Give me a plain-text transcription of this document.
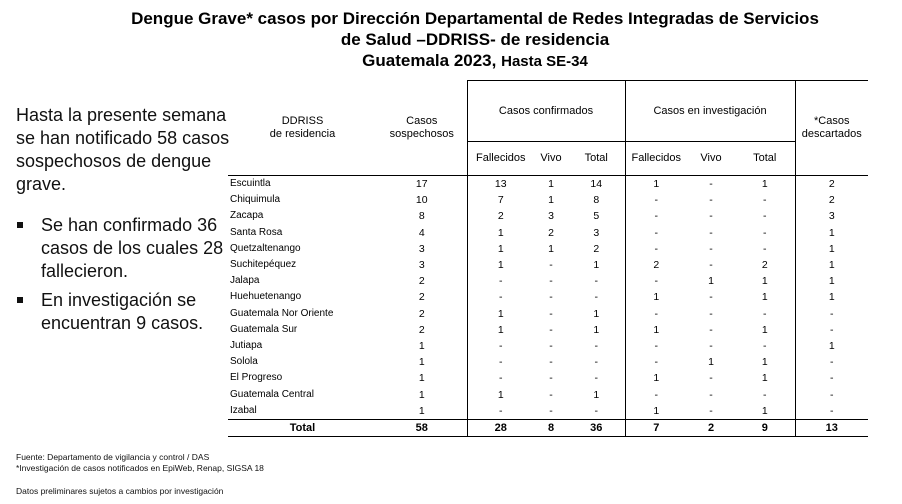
Dengue Grave* casos por Dirección Departamental de Redes Integradas de Servicios
de Salud –DDRISS- de residencia
Guatemala 2023, Hasta SE-34

Hasta la presente semana se han notificado 58 casos sospechosos de dengue grave.

Se han confirmado 36 casos de los cuales 28 fallecieron.
En investigación se encuentran 9 casos.
DDRISS
de residencia	Casos
sospechosos	Casos confirmados			Casos en investigación			*Casos
descartados
		Fallecidos	Vivo	Total	Fallecidos	Vivo	Total	
Escuintla	17	13	1	14	1	-	1	2
Chiquimula	10	7	1	8	-	-	-	2
Zacapa	8	2	3	5	-	-	-	3
Santa Rosa	4	1	2	3	-	-	-	1
Quetzaltenango	3	1	1	2	-	-	-	1
Suchitepéquez	3	1	-	1	2	-	2	1
Jalapa	2	-	-	-	-	1	1	1
Huehuetenango	2	-	-	-	1	-	1	1
Guatemala Nor Oriente	2	1	-	1	-	-	-	-
Guatemala Sur	2	1	-	1	1	-	1	-
Jutiapa	1	-	-	-	-	-	-	1
Solola	1	-	-	-	-	1	1	-
El Progreso	1	-	-	-	1	-	1	-
Guatemala Central	1	1	-	1	-	-	-	-
Izabal	1	-	-	-	1	-	1	-
Total	58	28	8	36	7	2	9	13
Fuente: Departamento de vigilancia y control / DAS
*Investigación de casos notificados en EpiWeb, Renap, SIGSA 18
Datos preliminares sujetos a cambios por investigación
